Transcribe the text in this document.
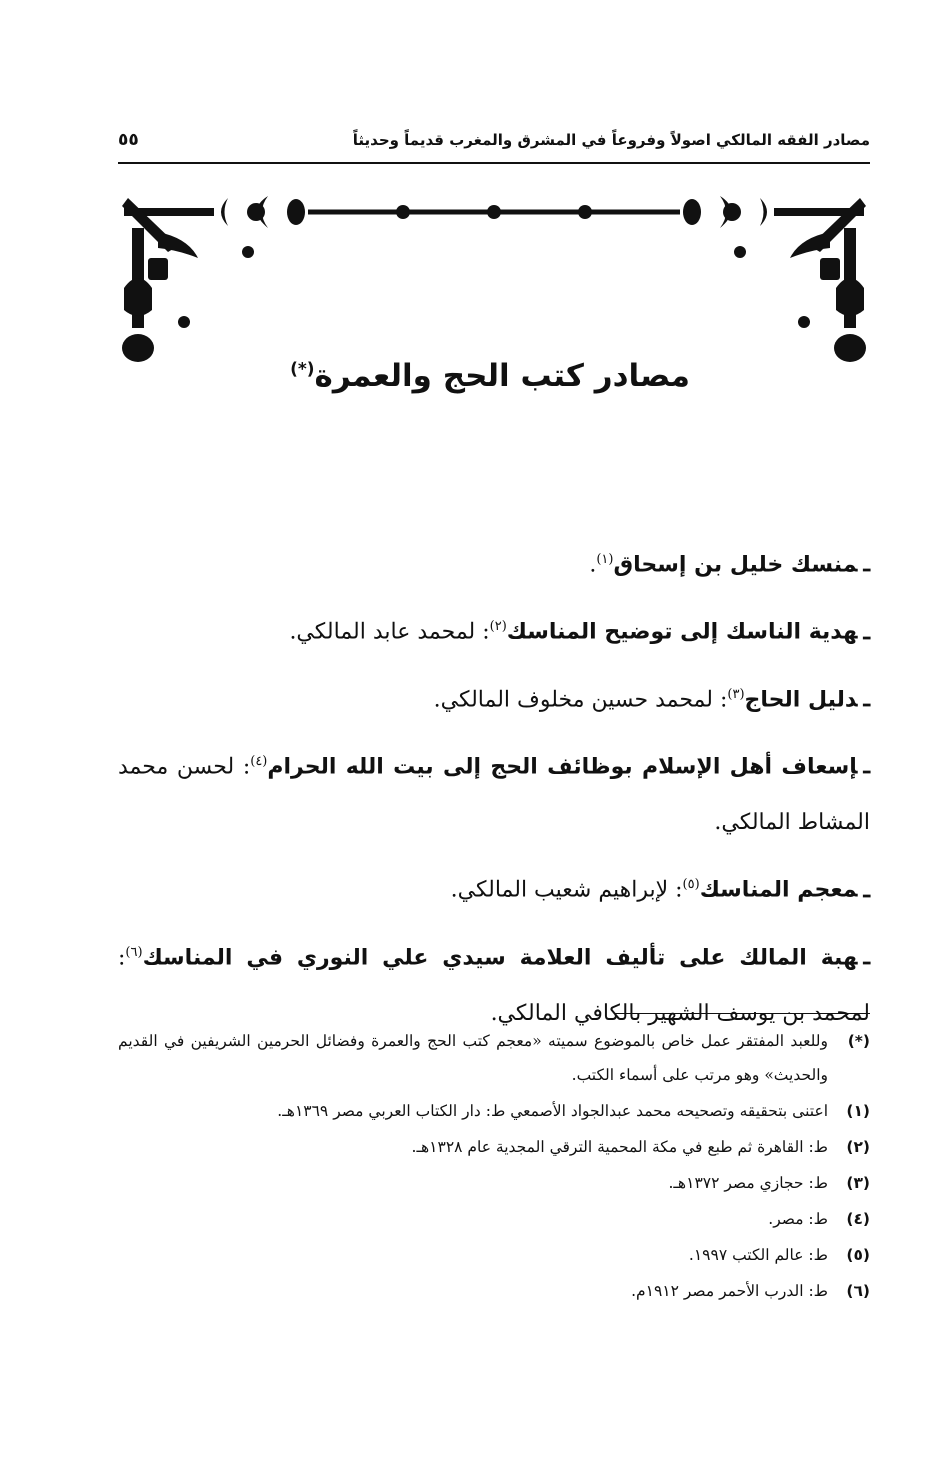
مصادر الفقه المالكي اصولاً وفروعاً في المشرق والمغرب قديماً وحديثاً
٥٥
مصادر كتب الحج والعمرة(*)

ـمنسك خليل بن إسحاق$^{(١)}$.

ـهدية الناسك إلى توضيح المناسك$^{(٢)}$: لمحمد عابد المالكي.

ـدليل الحاج$^{(٣)}$: لمحمد حسين مخلوف المالكي.

ـإسعاف أهل الإسلام بوظائف الحج إلى بيت الله الحرام$^{(٤)}$: لحسن محمد المشاط المالكي.

ـمعجم المناسك$^{(٥)}$: لإبراهيم شعيب المالكي.

ـهبة المالك على تأليف العلامة سيدي علي النوري في المناسك$^{(٦)}$: لمحمد بن يوسف الشهير بالكافي المالكي.

(*)
وللعبد المفتقر عمل خاص بالموضوع سميته «معجم كتب الحج والعمرة وفضائل الحرمين الشريفين في القديم والحديث» وهو مرتب على أسماء الكتب.
(١)
اعتنى بتحقيقه وتصحيحه محمد عبدالجواد الأصمعي ط: دار الكتاب العربي مصر ١٣٦٩هـ.
(٢)
ط: القاهرة ثم طبع في مكة المحمية الترقي المجدية عام ١٣٢٨هـ.
(٣)
ط: حجازي مصر ١٣٧٢هـ.
(٤)
ط: مصر.
(٥)
ط: عالم الكتب ١٩٩٧.
(٦)
ط: الدرب الأحمر مصر ١٩١٢م.
